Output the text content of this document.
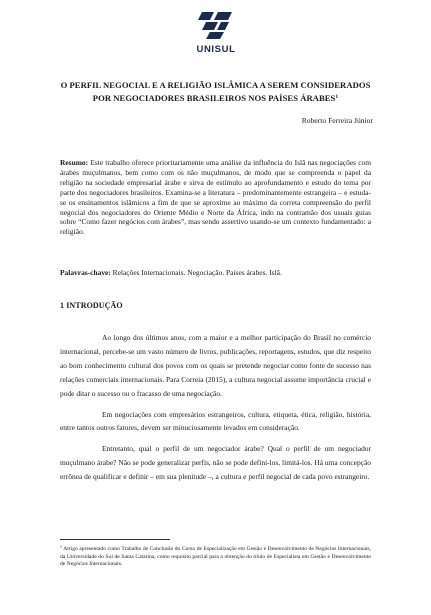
UNISUL
O PERFIL NEGOCIAL E A RELIGIÃO ISLÂMICA A SEREM CONSIDERADOS POR NEGOCIADORES BRASILEIROS NOS PAÍSES ÁRABES$^1$
Roberto Ferreira Júnior
Resumo: Este trabalho oferece prioritariamente uma análise da influência do Islã nas negociações com árabes muçulmanos, bem como com os não muçulmanos, de modo que se compreenda o papel da religião na sociedade empresarial árabe e sirva de estímulo ao aprofundamento e estudo do tema por parte dos negociadores brasileiros. Examina-se a literatura – predominantemente estrangeira – e estuda-se os ensinamentos islâmicos a fim de que se aproxime ao máximo da correta compreensão do perfil negocial dos negociadores do Oriente Médio e Norte da África, indo na contramão dos usuais guias sobre “Como fazer negócios com árabes”, mas sendo assertivo usando-se um contexto fundamentado: a religião.
Palavras-chave: Relações Internacionais. Negociação. Países árabes. Islã.
1 INTRODUÇÃO

Ao longo dos últimos anos, com a maior e a melhor participação do Brasil no comércio internacional, percebe-se um vasto número de livros, publicações, reportagens, estudos, que diz respeito ao bom conhecimento cultural dos povos com os quais se pretende negociar como fonte de sucesso nas relações comerciais internacionais. Para Correia (2015), a cultura negocial assume importância crucial e pode ditar o sucesso ou o fracasso de uma negociação.

Em negociações com empresários estrangeiros, cultura, etiqueta, ética, religião, história, entre tantos outros fatores, devem ser minuciosamente levados em consideração.

Entretanto, qual o perfil de um negociador árabe? Qual o perfil de um negociador muçulmano árabe? Não se pode generalizar perfis, não se pode defini-los, limitá-los. Há uma concepção errônea de qualificar e definir – em sua plenitude –, a cultura e perfil negocial de cada povo estrangeiro.

$^1$ Artigo apresentado como Trabalho de Conclusão do Curso de Especialização em Gestão e Desenvolvimento de Negócios Internacionais, da Universidade do Sul de Santa Catarina, como requisito parcial para a obtenção do título de Especialista em Gestão e Desenvolvimento de Negócios Internacionais.
